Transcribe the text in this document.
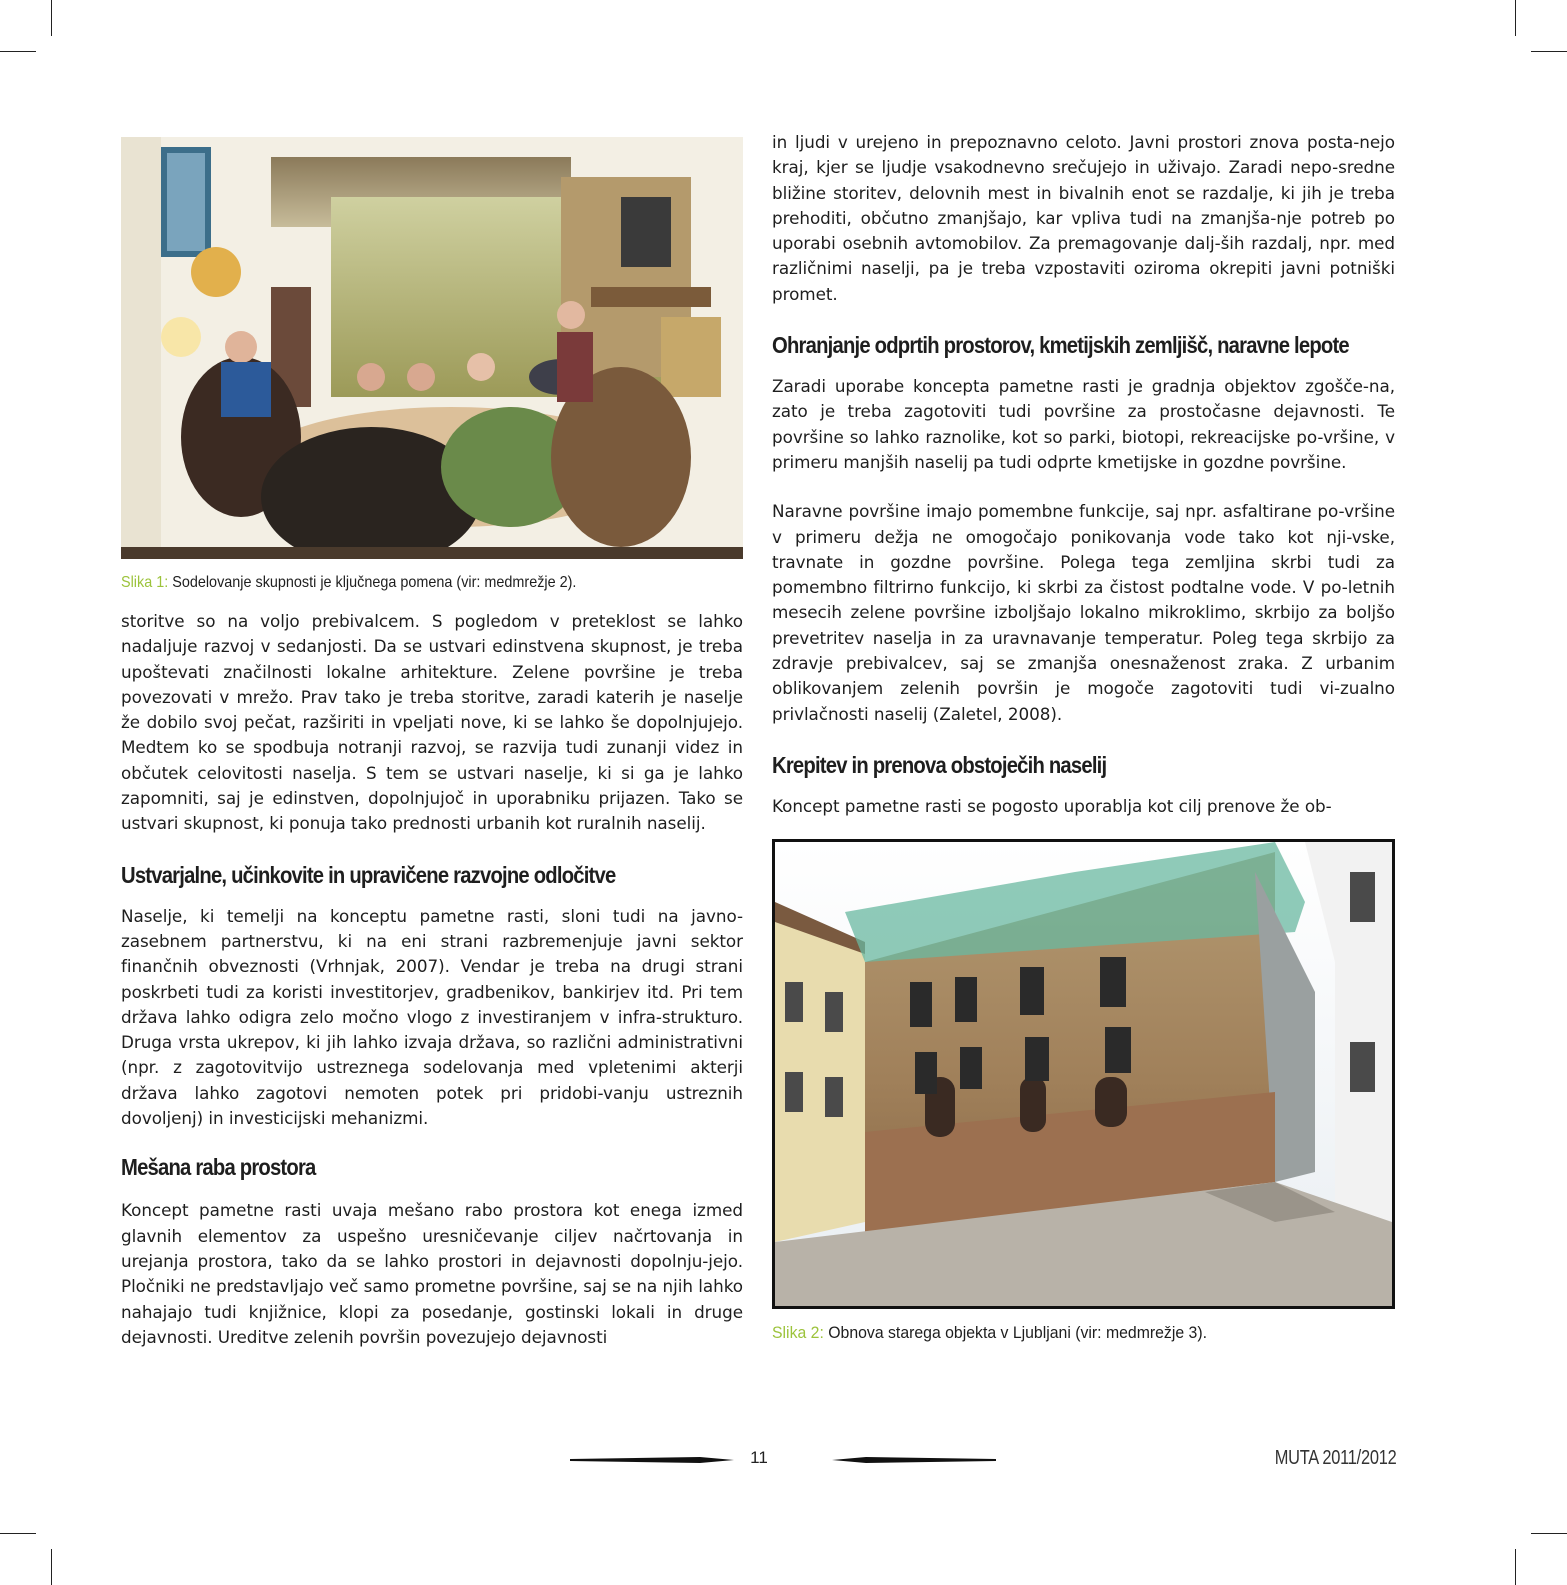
Slika 1: Sodelovanje skupnosti je ključnega pomena (vir: medmrežje 2).

storitve so na voljo prebivalcem. S pogledom v preteklost se lahko nadaljuje razvoj v sedanjosti. Da se ustvari edinstvena skupnost, je treba upoštevati značilnosti lokalne arhitekture. Zelene površine je treba povezovati v mrežo. Prav tako je treba storitve, zaradi katerih je naselje že dobilo svoj pečat, razširiti in vpeljati nove, ki se lahko še dopolnjujejo. Medtem ko se spodbuja notranji razvoj, se razvija tudi zunanji videz in občutek celovitosti naselja. S tem se ustvari naselje, ki si ga je lahko zapomniti, saj je edinstven, dopolnjujoč in uporabniku prijazen. Tako se ustvari skupnost, ki ponuja tako prednosti urbanih kot ruralnih naselij.

Ustvarjalne, učinkovite in upravičene razvojne odločitve

Naselje, ki temelji na konceptu pametne rasti, sloni tudi na javno-zasebnem partnerstvu, ki na eni strani razbremenjuje javni sektor finančnih obveznosti (Vrhnjak, 2007). Vendar je treba na drugi strani poskrbeti tudi za koristi investitorjev, gradbenikov, bankirjev itd. Pri tem država lahko odigra zelo močno vlogo z investiranjem v infra-strukturo. Druga vrsta ukrepov, ki jih lahko izvaja država, so različni administrativni (npr. z zagotovitvijo ustreznega sodelovanja med vpletenimi akterji država lahko zagotovi nemoten potek pri pridobi-vanju ustreznih dovoljenj) in investicijski mehanizmi.

Mešana raba prostora

Koncept pametne rasti uvaja mešano rabo prostora kot enega izmed glavnih elementov za uspešno uresničevanje ciljev načrtovanja in urejanja prostora, tako da se lahko prostori in dejavnosti dopolnju-jejo. Pločniki ne predstavljajo več samo prometne površine, saj se na njih lahko nahajajo tudi knjižnice, klopi za posedanje, gostinski lokali in druge dejavnosti. Ureditve zelenih površin povezujejo dejavnosti

in ljudi v urejeno in prepoznavno celoto. Javni prostori znova posta-nejo kraj, kjer se ljudje vsakodnevno srečujejo in uživajo. Zaradi nepo-sredne bližine storitev, delovnih mest in bivalnih enot se razdalje, ki jih je treba prehoditi, občutno zmanjšajo, kar vpliva tudi na zmanjša-nje potreb po uporabi osebnih avtomobilov. Za premagovanje dalj-ših razdalj, npr. med različnimi naselji, pa je treba vzpostaviti oziroma okrepiti javni potniški promet.

Ohranjanje odprtih prostorov, kmetijskih zemljišč, naravne lepote

Zaradi uporabe koncepta pametne rasti je gradnja objektov zgošče-na, zato je treba zagotoviti tudi površine za prostočasne dejavnosti. Te površine so lahko raznolike, kot so parki, biotopi, rekreacijske po-vršine, v primeru manjših naselij pa tudi odprte kmetijske in gozdne površine.

Naravne površine imajo pomembne funkcije, saj npr. asfaltirane po-vršine v primeru dežja ne omogočajo ponikovanja vode tako kot nji-vske, travnate in gozdne površine. Polega tega zemljina skrbi tudi za pomembno filtrirno funkcijo, ki skrbi za čistost podtalne vode. V po-letnih mesecih zelene površine izboljšajo lokalno mikroklimo, skrbijo za boljšo prevetritev naselja in za uravnavanje temperatur. Poleg tega skrbijo za zdravje prebivalcev, saj se zmanjša onesnaženost zraka. Z urbanim oblikovanjem zelenih površin je mogoče zagotoviti tudi vi-zualno privlačnosti naselij (Zaletel, 2008).

Krepitev in prenova obstoječih naselij

Koncept pametne rasti se pogosto uporablja kot cilj prenove že ob-

Slika 2: Obnova starega objekta v Ljubljani (vir: medmrežje 3).
11	MUTA 2011/2012
